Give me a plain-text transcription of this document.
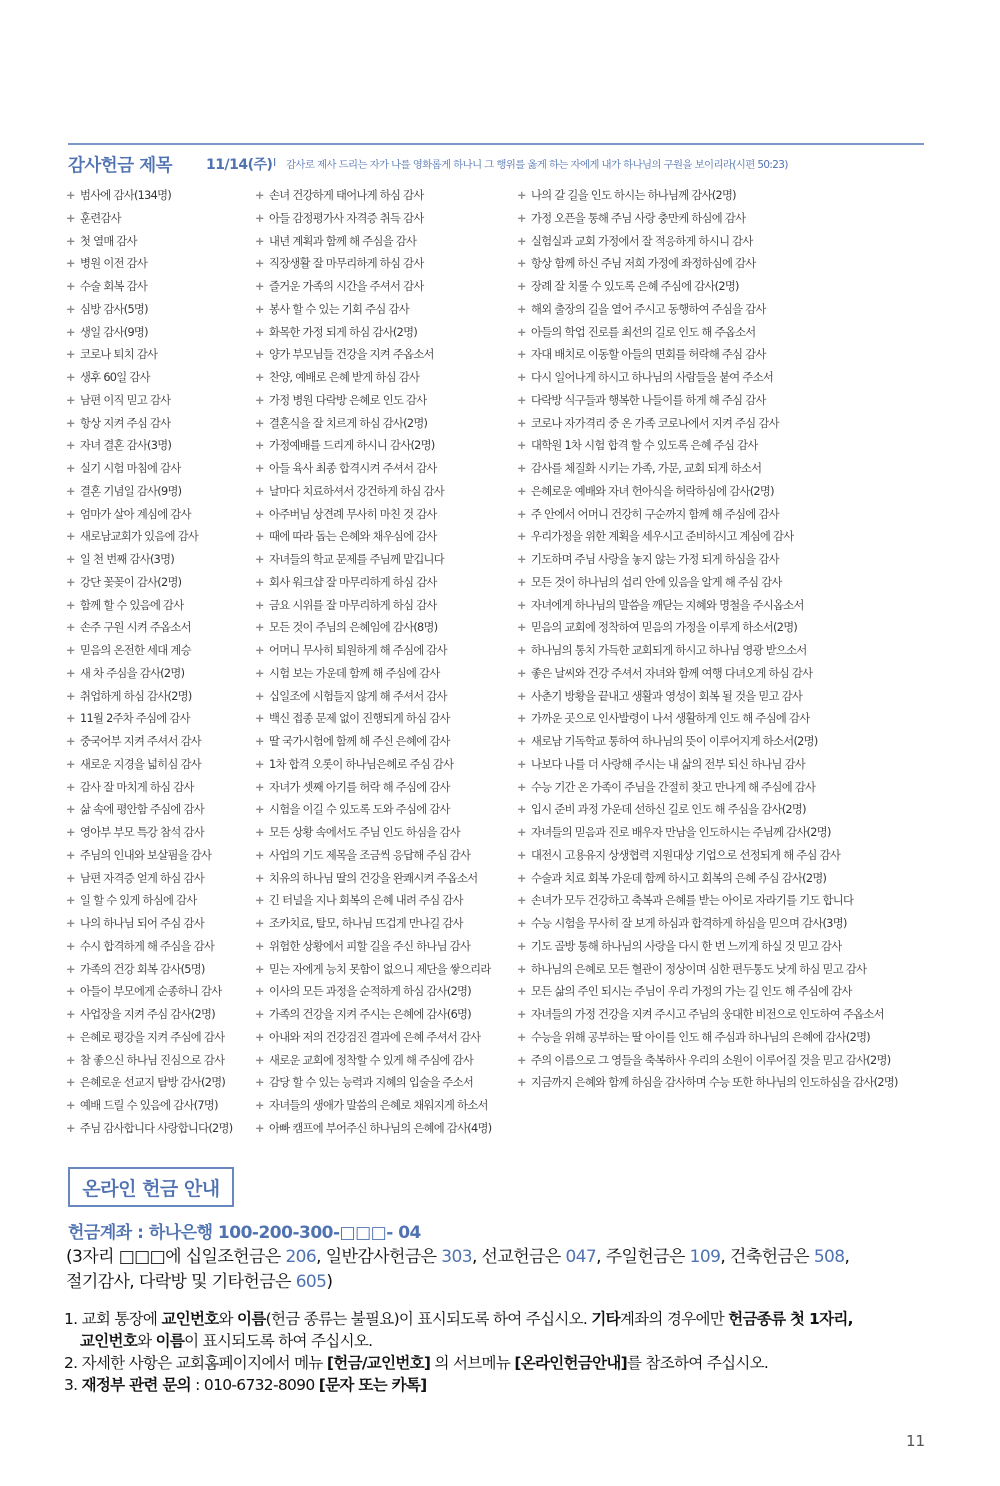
감사헌금 제목 11/14(주) I 감사로 제사 드리는 자가 나를 영화롭게 하나니 그 행위를 옳게 하는 자에게 내가 하나님의 구원을 보이리라(시편 50:23)
+ 범사에 감사(134명)
+ 훈련감사
+ 첫 열매 감사
+ 병원 이전 감사
+ 수술 회복 감사
+ 심방 감사(5명)
+ 생일 감사(9명)
+ 코로나 퇴치 감사
+ 생후 60일 감사
+ 남편 이직 믿고 감사
+ 항상 지켜 주심 감사
+ 자녀 결혼 감사(3명)
+ 실기 시험 마침에 감사
+ 결혼 기념일 감사(9명)
+ 엄마가 살아 계심에 감사
+ 새로남교회가 있음에 감사
+ 일 천 번째 감사(3명)
+ 강단 꽃꽂이 감사(2명)
+ 함께 할 수 있음에 감사
+ 손주 구원 시켜 주옵소서
+ 믿음의 온전한 세대 계승
+ 새 차 주심을 감사(2명)
+ 취업하게 하심 감사(2명)
+ 11월 2주차 주심에 감사
+ 중국어부 지켜 주셔서 감사
+ 새로운 지경을 넓히심 감사
+ 감사 잘 마치게 하심 감사
+ 삶 속에 평안함 주심에 감사
+ 영아부 부모 특강 참석 감사
+ 주님의 인내와 보살핌을 감사
+ 남편 자격증 얻게 하심 감사
+ 일 할 수 있게 하심에 감사
+ 나의 하나님 되어 주심 감사
+ 수시 합격하게 해 주심을 감사
+ 가족의 건강 회복 감사(5명)
+ 아들이 부모에게 순종하니 감사
+ 사업장을 지켜 주심 감사(2명)
+ 은혜로 평강을 지켜 주심에 감사
+ 참 좋으신 하나님 진심으로 감사
+ 은혜로운 선교지 탐방 감사(2명)
+ 예배 드릴 수 있음에 감사(7명)
+ 주님 감사합니다 사랑합니다(2명)
+ 손녀 건강하게 태어나게 하심 감사
+ 아들 감정평가사 자격증 취득 감사
+ 내년 계획과 함께 해 주심을 감사
+ 직장생활 잘 마무리하게 하심 감사
+ 즐거운 가족의 시간을 주셔서 감사
+ 봉사 할 수 있는 기회 주심 감사
+ 화목한 가정 되게 하심 감사(2명)
+ 양가 부모님들 건강을 지켜 주옵소서
+ 찬양, 예배로 은혜 받게 하심 감사
+ 가정 병원 다락방 은혜로 인도 감사
+ 결혼식을 잘 치르게 하심 감사(2명)
+ 가정예배를 드리게 하시니 감사(2명)
+ 아들 육사 최종 합격시켜 주셔서 감사
+ 날마다 치료하셔서 강건하게 하심 감사
+ 아주버님 상견례 무사히 마친 것 감사
+ 때에 따라 돕는 은혜와 채우심에 감사
+ 자녀들의 학교 문제를 주님께 맡깁니다
+ 회사 워크샵 잘 마무리하게 하심 감사
+ 금요 시위를 잘 마무리하게 하심 감사
+ 모든 것이 주님의 은혜임에 감사(8명)
+ 어머니 무사히 퇴원하게 해 주심에 감사
+ 시험 보는 가운데 함께 해 주심에 감사
+ 십일조에 시험들지 않게 해 주셔서 감사
+ 백신 접종 문제 없이 진행되게 하심 감사
+ 딸 국가시험에 함께 해 주신 은혜에 감사
+ 1차 합격 오롯이 하나님은혜로 주심 감사
+ 자녀가 셋째 아기를 허락 해 주심에 감사
+ 시험을 이길 수 있도록 도와 주심에 감사
+ 모든 상황 속에서도 주님 인도 하심을 감사
+ 사업의 기도 제목을 조금씩 응답해 주심 감사
+ 치유의 하나님 딸의 건강을 완쾌시켜 주옵소서
+ 긴 터널을 지나 회복의 은혜 내려 주심 감사
+ 조카치료, 탈모, 하나님 뜨겁게 만나길 감사
+ 위험한 상황에서 피할 길을 주신 하나님 감사
+ 믿는 자에게 능치 못함이 없으니 제단을 쌓으리라
+ 이사의 모든 과정을 순적하게 하심 감사(2명)
+ 가족의 건강을 지켜 주시는 은혜에 감사(6명)
+ 아내와 저의 건강검진 결과에 은혜 주셔서 감사
+ 새로운 교회에 정착할 수 있게 해 주심에 감사
+ 감당 할 수 있는 능력과 지혜의 입술을 주소서
+ 자녀들의 생애가 말씀의 은혜로 채워지게 하소서
+ 아빠 캠프에 부어주신 하나님의 은혜에 감사(4명)
+ 나의 갈 길을 인도 하시는 하나님께 감사(2명)
+ 가정 오픈을 통해 주님 사랑 충만케 하심에 감사
+ 실험실과 교회 가정에서 잘 적응하게 하시니 감사
+ 항상 함께 하신 주님 저희 가정에 좌정하심에 감사
+ 장례 잘 치룰 수 있도록 은혜 주심에 감사(2명)
+ 해외 출장의 길을 열어 주시고 동행하여 주심을 감사
+ 아들의 학업 진로를 최선의 길로 인도 해 주옵소서
+ 자대 배치로 이동할 아들의 면회를 허락해 주심 감사
+ 다시 일어나게 하시고 하나님의 사람들을 붙여 주소서
+ 다락방 식구들과 행복한 나들이를 하게 해 주심 감사
+ 코로나 자가격리 중 온 가족 코로나에서 지켜 주심 감사
+ 대학원 1차 시험 합격 할 수 있도록 은혜 주심 감사
+ 감사를 체질화 시키는 가족, 가문, 교회 되게 하소서
+ 은혜로운 예배와 자녀 헌아식을 허락하심에 감사(2명)
+ 주 안에서 어머니 건강히 구순까지 함께 해 주심에 감사
+ 우리가정을 위한 계획을 세우시고 준비하시고 계심에 감사
+ 기도하며 주님 사랑을 놓지 않는 가정 되게 하심을 감사
+ 모든 것이 하나님의 섭리 안에 있음을 알게 해 주심 감사
+ 자녀에게 하나님의 말씀을 깨닫는 지혜와 명철을 주시옵소서
+ 믿음의 교회에 정착하여 믿음의 가정을 이루게 하소서(2명)
+ 하나님의 통치 가득한 교회되게 하시고 하나님 영광 받으소서
+ 좋은 날씨와 건강 주셔서 자녀와 함께 여행 다녀오게 하심 감사
+ 사춘기 방황을 끝내고 생활과 영성이 회복 될 것을 믿고 감사
+ 가까운 곳으로 인사발령이 나서 생활하게 인도 해 주심에 감사
+ 새로남 기독학교 통하여 하나님의 뜻이 이루어지게 하소서(2명)
+ 나보다 나를 더 사랑해 주시는 내 삶의 전부 되신 하나님 감사
+ 수능 기간 온 가족이 주님을 간절히 찾고 만나게 해 주심에 감사
+ 입시 준비 과정 가운데 선하신 길로 인도 해 주심을 감사(2명)
+ 자녀들의 믿음과 진로 배우자 만남을 인도하시는 주님께 감사(2명)
+ 대전시 고용유지 상생협력 지원대상 기업으로 선정되게 해 주심 감사
+ 수술과 치료 회복 가운데 함께 하시고 회복의 은혜 주심 감사(2명)
+ 손녀가 모두 건강하고 축복과 은혜를 받는 아이로 자라기를 기도 합니다
+ 수능 시험을 무사히 잘 보게 하심과 합격하게 하심을 믿으며 감사(3명)
+ 기도 골방 통해 하나님의 사랑을 다시 한 번 느끼게 하실 것 믿고 감사
+ 하나님의 은혜로 모든 혈관이 정상이며 심한 편두통도 낫게 하심 믿고 감사
+ 모든 삶의 주인 되시는 주님이 우리 가정의 가는 길 인도 해 주심에 감사
+ 자녀들의 가정 건강을 지켜 주시고 주님의 웅대한 비전으로 인도하여 주옵소서
+ 수능을 위해 공부하는 딸 아이를 인도 해 주심과 하나님의 은혜에 감사(2명)
+ 주의 이름으로 그 영들을 축복하사 우리의 소원이 이루어질 것을 믿고 감사(2명)
+ 지금까지 은혜와 함께 하심을 감사하며 수능 또한 하나님의 인도하심을 감사(2명)
온라인 헌금 안내
헌금계좌 : 하나은행 100-200-300-□□□- 04
(3자리 □□□에 십일조헌금은 206, 일반감사헌금은 303, 선교헌금은 047, 주일헌금은 109, 건축헌금은 508,
절기감사, 다락방 및 기타헌금은 605)
1. 교회 통장에 교인번호와 이름(헌금 종류는 불필요)이 표시되도록 하여 주십시오. 기타계좌의 경우에만 헌금종류 첫 1자리,
교인번호와 이름이 표시되도록 하여 주십시오.
2. 자세한 사항은 교회홈페이지에서 메뉴 [헌금/교인번호] 의 서브메뉴 [온라인헌금안내]를 참조하여 주십시오.
3. 재정부 관련 문의 : 010-6732-8090 [문자 또는 카톡]
11
